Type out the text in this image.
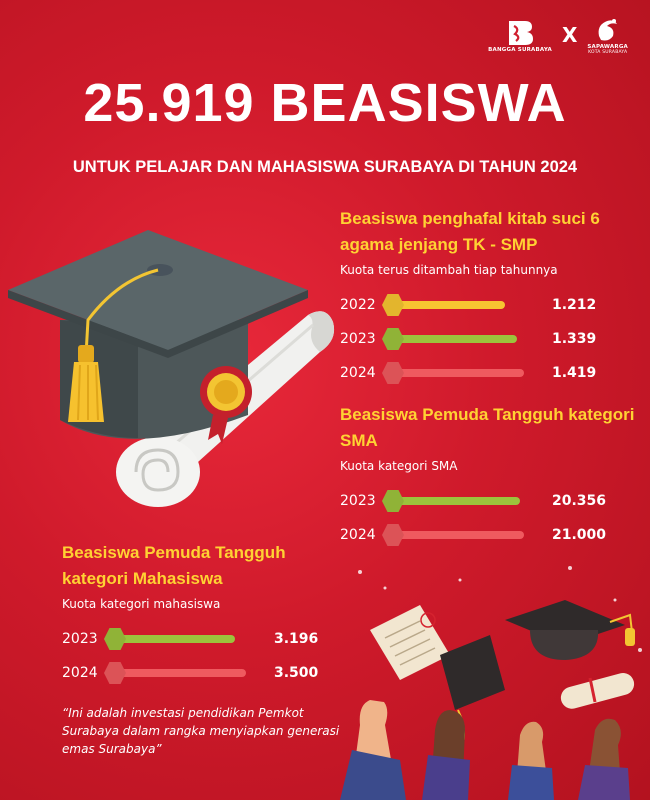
BANGGA SURABAYA
X SAPAWARGA
KOTA SURABAYA
25.919 BEASISWA

UNTUK PELAJAR DAN MAHASISWA SURABAYA DI TAHUN 2024

Beasiswa penghafal kitab suci 6 agama jenjang TK - SMP

Kuota terus ditambah tiap tahunnya
2022	1.212
2023	1.339
2024	1.419

Beasiswa Pemuda Tangguh kategori SMA

Kuota kategori SMA
2023	20.356
2024	21.000

Beasiswa Pemuda Tangguh kategori Mahasiswa

Kuota kategori mahasiswa
2023	3.196
2024	3.500

“Ini adalah investasi pendidikan Pemkot Surabaya dalam rangka menyiapkan generasi emas Surabaya”
